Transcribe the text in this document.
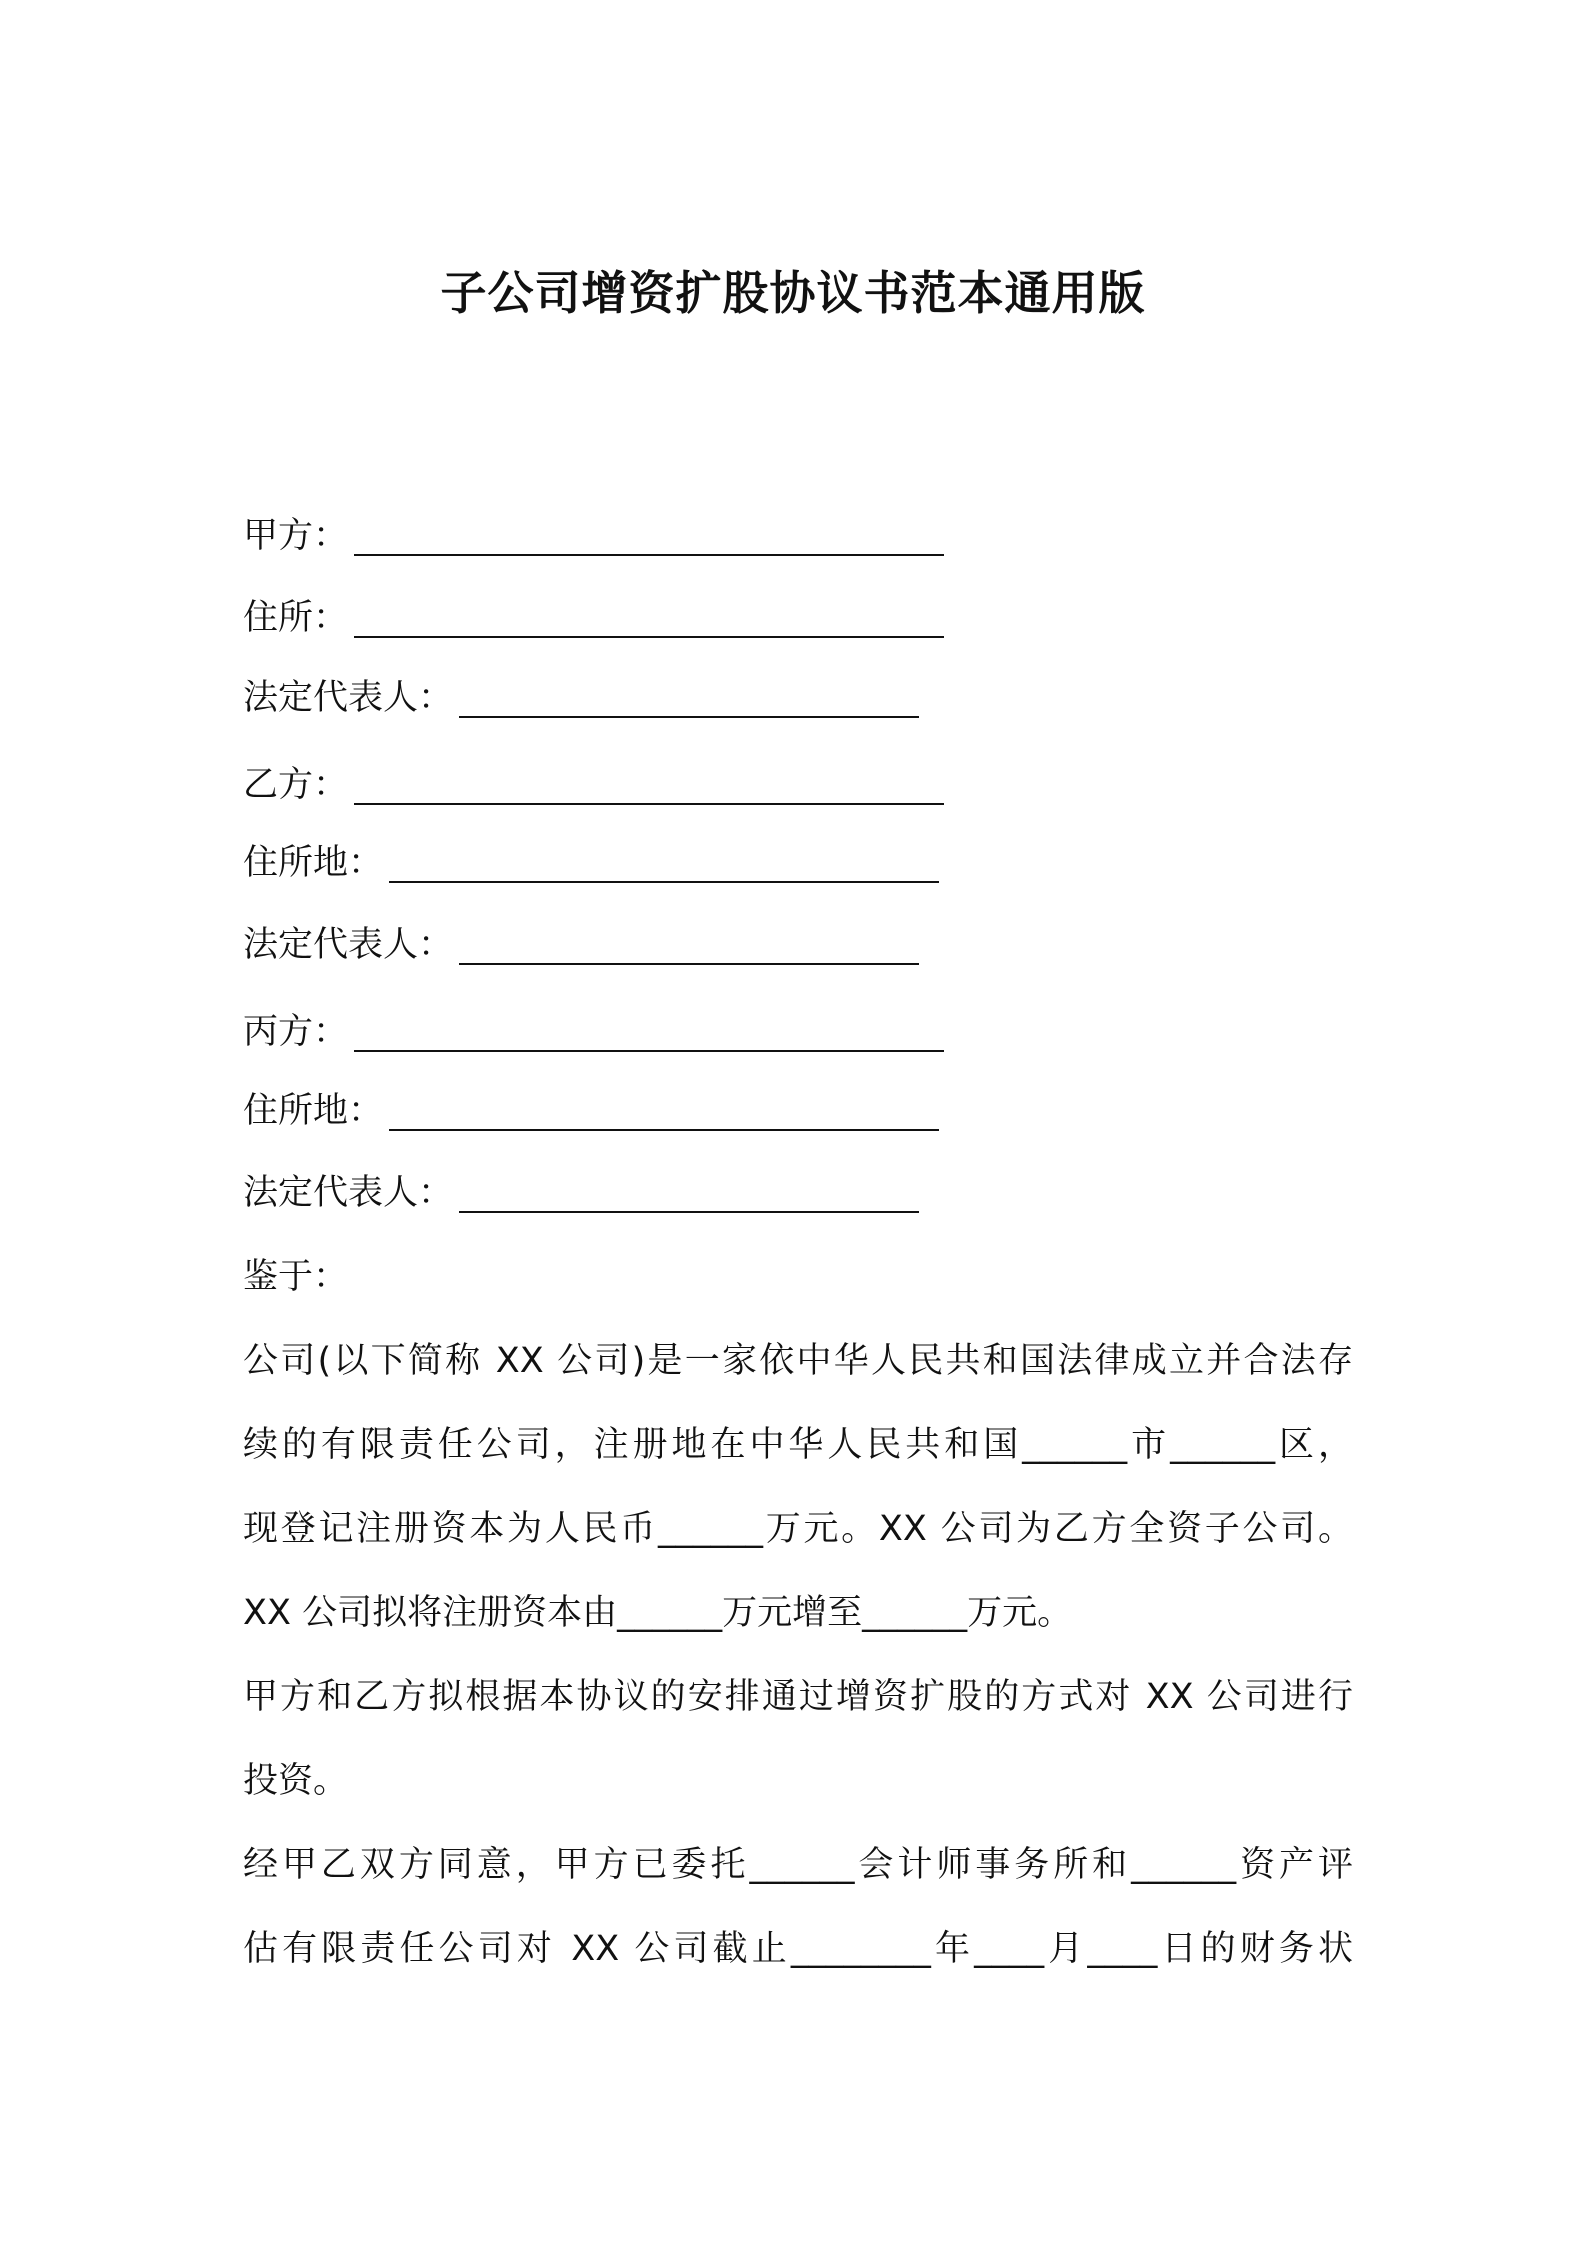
子公司增资扩股协议书范本通用版
甲方：
住所：
法定代表人：
乙方：
住所地：
法定代表人：
丙方：
住所地：
法定代表人：
鉴于：
公司(以下简称 XX 公司)是一家依中华人民共和国法律成立并合法存
续的有限责任公司，注册地在中华人民共和国______市______区，
现登记注册资本为人民币______万元。XX 公司为乙方全资子公司。
XX 公司拟将注册资本由______万元增至______万元。
甲方和乙方拟根据本协议的安排通过增资扩股的方式对 XX 公司进行
投资。
经甲乙双方同意，甲方已委托______会计师事务所和______资产评
估有限责任公司对 XX 公司截止________年____月____日的财务状
